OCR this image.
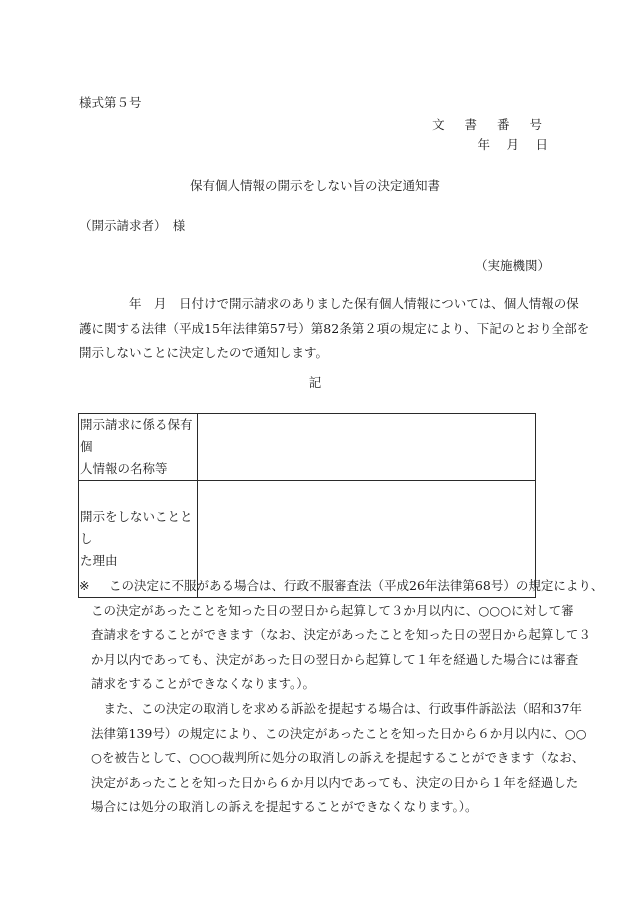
様式第５号
文 書 番 号
年　月　日
保有個人情報の開示をしない旨の決定通知書
（開示請求者）　様
（実施機関）
　　　　年　月　日付けで開示請求のありました保有個人情報については、個人情報の保
護に関する法律（平成15年法律第57号）第82条第２項の規定により、下記のとおり全部を
開示しないことに決定したので通知します。
記
開示請求に係る保有個
人情報の名称等	

開示をしないこととし
た理由	

※	この決定に不服がある場合は、行政不服審査法（平成26年法律第68号）の規定により、
この決定があったことを知った日の翌日から起算して３か月以内に、○○○に対して審
査請求をすることができます（なお、決定があったことを知った日の翌日から起算して３
か月以内であっても、決定があった日の翌日から起算して１年を経過した場合には審査
請求をすることができなくなります。）。
　また、この決定の取消しを求める訴訟を提起する場合は、行政事件訴訟法（昭和37年
法律第139号）の規定により、この決定があったことを知った日から６か月以内に、○○
○を被告として、○○○裁判所に処分の取消しの訴えを提起することができます（なお、
決定があったことを知った日から６か月以内であっても、決定の日から１年を経過した
場合には処分の取消しの訴えを提起することができなくなります。）。
